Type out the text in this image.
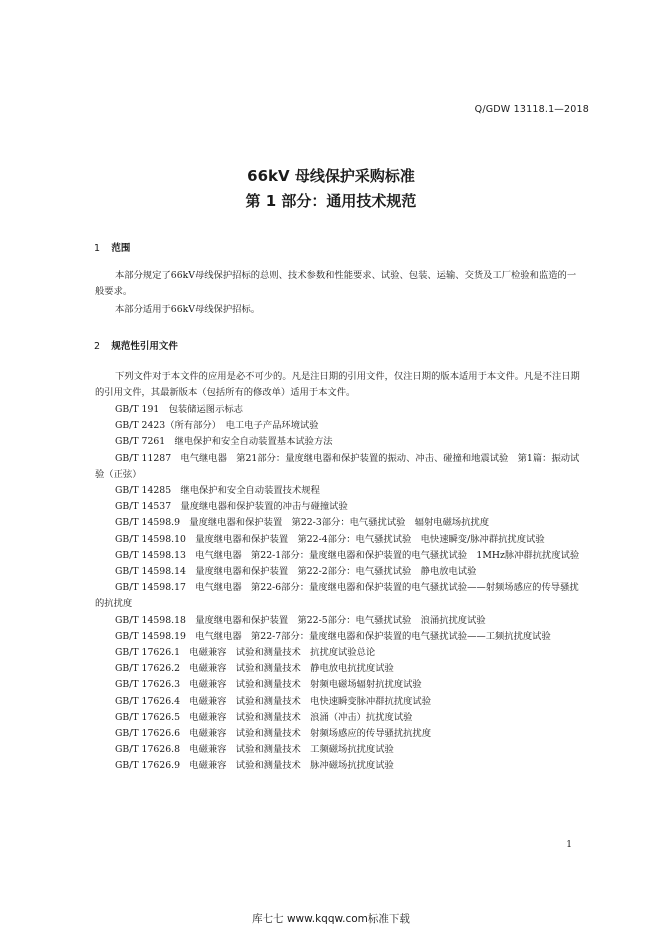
Q/GDW 13118.1—2018
66kV 母线保护采购标准
第 1 部分：通用技术规范
1 范围
本部分规定了66kV母线保护招标的总则、技术参数和性能要求、试验、包装、运输、交货及工厂检验和监造的一般要求。
本部分适用于66kV母线保护招标。
2 规范性引用文件
下列文件对于本文件的应用是必不可少的。凡是注日期的引用文件，仅注日期的版本适用于本文件。凡是不注日期的引用文件，其最新版本（包括所有的修改单）适用于本文件。
GB/T 191　包装储运图示标志
GB/T 2423（所有部分）　电工电子产品环境试验
GB/T 7261　继电保护和安全自动装置基本试验方法
GB/T 11287　电气继电器　第21部分：量度继电器和保护装置的振动、冲击、碰撞和地震试验　第1篇：振动试验（正弦）
GB/T 14285　继电保护和安全自动装置技术规程
GB/T 14537　量度继电器和保护装置的冲击与碰撞试验
GB/T 14598.9　量度继电器和保护装置　第22-3部分：电气骚扰试验　辐射电磁场抗扰度
GB/T 14598.10　量度继电器和保护装置　第22-4部分：电气骚扰试验　电快速瞬变/脉冲群抗扰度试验
GB/T 14598.13　电气继电器　第22-1部分：量度继电器和保护装置的电气骚扰试验　1MHz脉冲群抗扰度试验
GB/T 14598.14　量度继电器和保护装置　第22-2部分：电气骚扰试验　静电放电试验
GB/T 14598.17　电气继电器　第22-6部分：量度继电器和保护装置的电气骚扰试验——射频场感应的传导骚扰的抗扰度
GB/T 14598.18　量度继电器和保护装置　第22-5部分：电气骚扰试验　浪涌抗扰度试验
GB/T 14598.19　电气继电器　第22-7部分：量度继电器和保护装置的电气骚扰试验——工频抗扰度试验
GB/T 17626.1　电磁兼容　试验和测量技术　抗扰度试验总论
GB/T 17626.2　电磁兼容　试验和测量技术　静电放电抗扰度试验
GB/T 17626.3　电磁兼容　试验和测量技术　射频电磁场辐射抗扰度试验
GB/T 17626.4　电磁兼容　试验和测量技术　电快速瞬变脉冲群抗扰度试验
GB/T 17626.5　电磁兼容　试验和测量技术　浪涌（冲击）抗扰度试验
GB/T 17626.6　电磁兼容　试验和测量技术　射频场感应的传导骚扰抗扰度
GB/T 17626.8　电磁兼容　试验和测量技术　工频磁场抗扰度试验
GB/T 17626.9　电磁兼容　试验和测量技术　脉冲磁场抗扰度试验
1
库七七 www.kqqw.com标准下载
